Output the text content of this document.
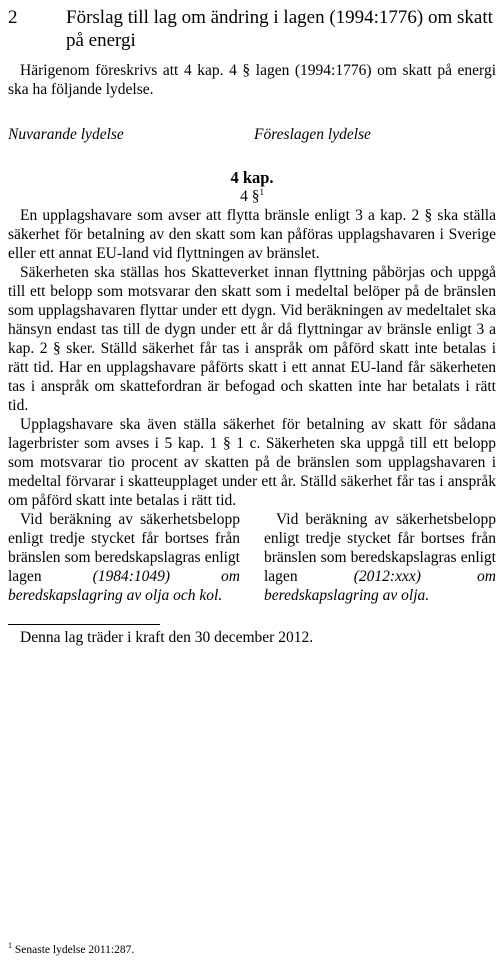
2	Förslag till lag om ändring i lagen (1994:1776) om skatt på energi
Härigenom föreskrivs att 4 kap. 4 § lagen (1994:1776) om skatt på energi ska ha följande lydelse.
Nuvarande lydelse	Föreslagen lydelse
4 kap.
4 §$^1$
En upplagshavare som avser att flytta bränsle enligt 3 a kap. 2 § ska ställa säkerhet för betalning av den skatt som kan påföras upplagshavaren i Sverige eller ett annat EU-land vid flyttningen av bränslet.
Säkerheten ska ställas hos Skatteverket innan flyttning påbörjas och uppgå till ett belopp som motsvarar den skatt som i medeltal belöper på de bränslen som upplagshavaren flyttar under ett dygn. Vid beräkningen av medeltalet ska hänsyn endast tas till de dygn under ett år då flyttningar av bränsle enligt 3 a kap. 2 § sker. Ställd säkerhet får tas i anspråk om påförd skatt inte betalas i rätt tid. Har en upplagshavare påförts skatt i ett annat EU-land får säkerheten tas i anspråk om skattefordran är befogad och skatten inte har betalats i rätt tid.
Upplagshavare ska även ställa säkerhet för betalning av skatt för sådana lagerbrister som avses i 5 kap. 1 § 1 c. Säkerheten ska uppgå till ett belopp som motsvarar tio procent av skatten på de bränslen som upplagshavaren i medeltal förvarar i skatteupplaget under ett år. Ställd säkerhet får tas i anspråk om påförd skatt inte betalas i rätt tid.
Vid beräkning av säkerhetsbelopp enligt tredje stycket får bortses från bränslen som beredskapslagras enligt lagen (1984:1049) om beredskapslagring av olja och kol.
Vid beräkning av säkerhetsbelopp enligt tredje stycket får bortses från bränslen som beredskapslagras enligt lagen (2012:xxx) om beredskapslagring av olja.
Denna lag träder i kraft den 30 december 2012.
$^1$ Senaste lydelse 2011:287.
